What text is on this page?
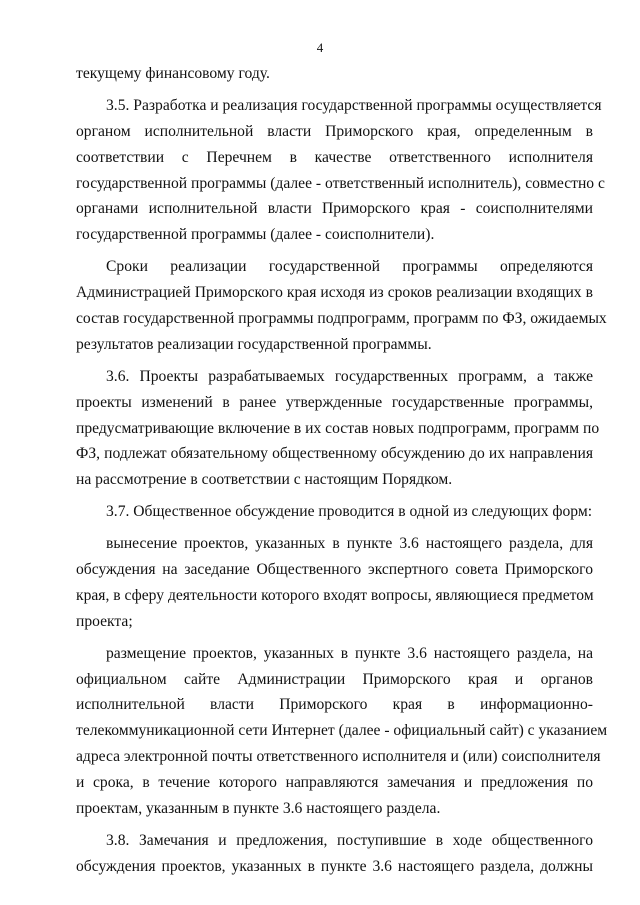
4
текущему финансовому году.
3.5. Разработка и реализация государственной программы осуществляется
органом исполнительной власти Приморского края, определенным в
соответствии с Перечнем в качестве ответственного исполнителя
государственной программы (далее - ответственный исполнитель), совместно с
органами исполнительной власти Приморского края - соисполнителями
государственной программы (далее - соисполнители).
Сроки реализации государственной программы определяются
Администрацией Приморского края исходя из сроков реализации входящих в
состав государственной программы подпрограмм, программ по ФЗ, ожидаемых
результатов реализации государственной программы.
3.6. Проекты разрабатываемых государственных программ, а также
проекты изменений в ранее утвержденные государственные программы,
предусматривающие включение в их состав новых подпрограмм, программ по
ФЗ, подлежат обязательному общественному обсуждению до их направления
на рассмотрение в соответствии с настоящим Порядком.
3.7. Общественное обсуждение проводится в одной из следующих форм:
вынесение проектов, указанных в пункте 3.6 настоящего раздела, для
обсуждения на заседание Общественного экспертного совета Приморского
края, в сферу деятельности которого входят вопросы, являющиеся предметом
проекта;
размещение проектов, указанных в пункте 3.6 настоящего раздела, на
официальном сайте Администрации Приморского края и органов
исполнительной власти Приморского края в информационно-
телекоммуникационной сети Интернет (далее - официальный сайт) с указанием
адреса электронной почты ответственного исполнителя и (или) соисполнителя
и срока, в течение которого направляются замечания и предложения по
проектам, указанным в пункте 3.6 настоящего раздела.
3.8. Замечания и предложения, поступившие в ходе общественного
обсуждения проектов, указанных в пункте 3.6 настоящего раздела, должны
